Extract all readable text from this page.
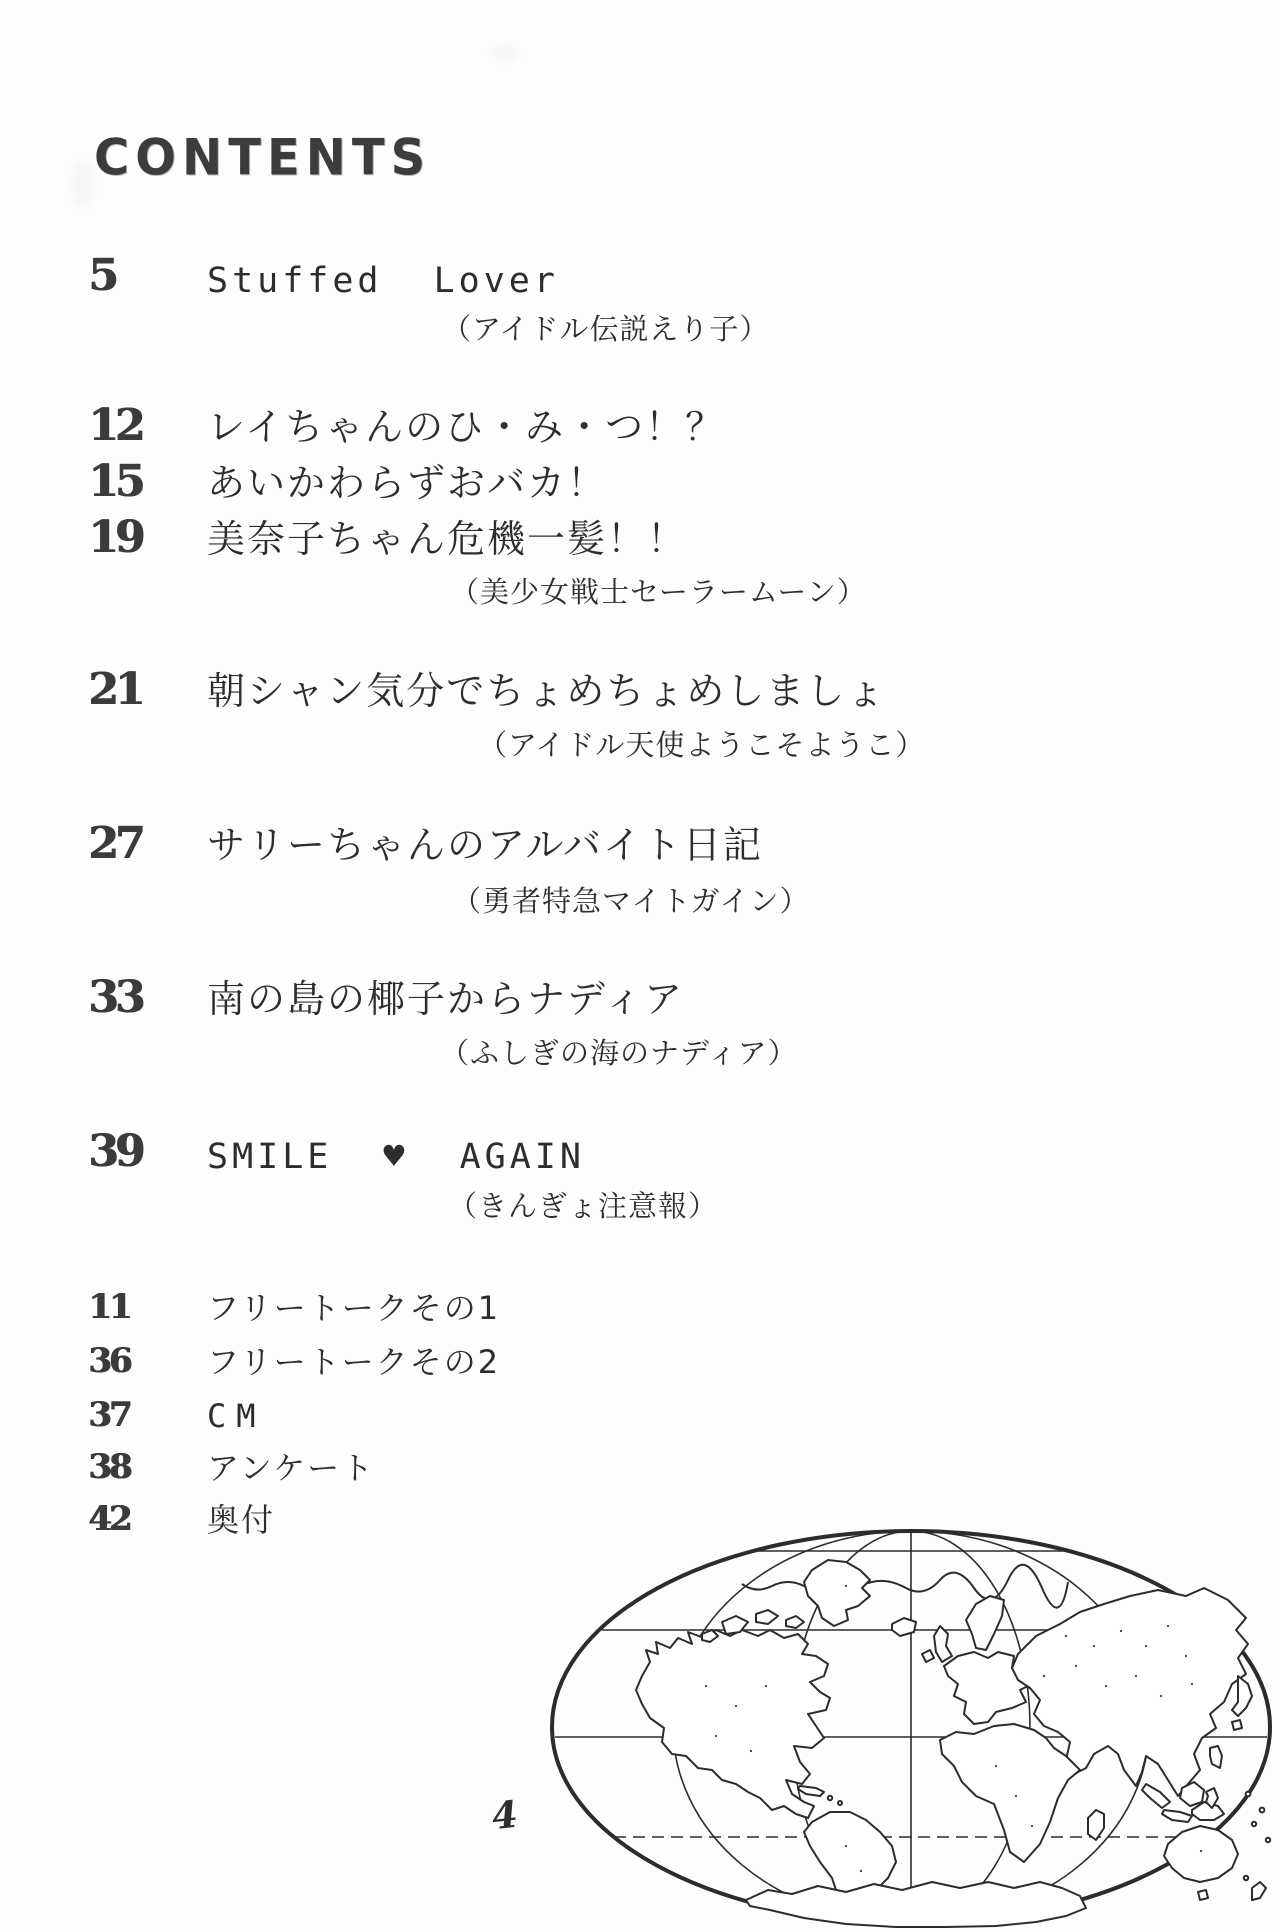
CONTENTS
5	Stuffed Lover
（アイドル伝説えり子）
12 レイちゃんのひ・み・つ！？
15 あいかわらずおバカ！
19 美奈子ちゃん危機一髪！！
（美少女戦士セーラームーン）
21 朝シャン気分でちょめちょめしましょ
（アイドル天使ようこそようこ）
27 サリーちゃんのアルバイト日記
（勇者特急マイトガイン）
33 南の島の椰子からナディア
（ふしぎの海のナディア）
39 SMILE ♥ AGAIN
（きんぎょ注意報）
11 フリートークその1
36 フリートークその2
37 CM
38 アンケート
42 奥付
4
